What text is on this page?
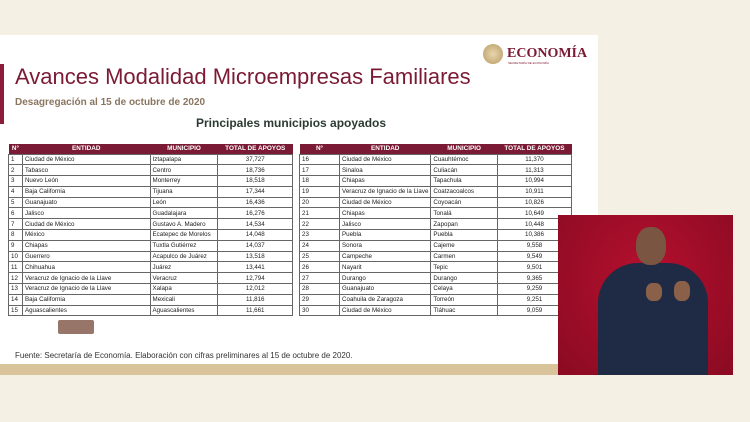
ECONOMÍA
SECRETARÍA DE ECONOMÍA
Avances Modalidad Microempresas Familiares
Desagregación al 15 de octubre de 2020
Principales municipios apoyados
N°	ENTIDAD	MUNICIPIO	TOTAL DE APOYOS
1	Ciudad de México	Iztapalapa	37,727
2	Tabasco	Centro	18,736
3	Nuevo León	Monterrey	18,518
4	Baja California	Tijuana	17,344
5	Guanajuato	León	16,436
6	Jalisco	Guadalajara	16,276
7	Ciudad de México	Gustavo A. Madero	14,534
8	México	Ecatepec de Morelos	14,048
9	Chiapas	Tuxtla Gutiérrez	14,037
10	Guerrero	Acapulco de Juárez	13,518
11	Chihuahua	Juárez	13,441
12	Veracruz de Ignacio de la Llave	Veracruz	12,794
13	Veracruz de Ignacio de la Llave	Xalapa	12,012
14	Baja California	Mexicali	11,816
15	Aguascalientes	Aguascalientes	11,661
N°	ENTIDAD	MUNICIPIO	TOTAL DE APOYOS
16	Ciudad de México	Cuauhtémoc	11,370
17	Sinaloa	Culiacán	11,313
18	Chiapas	Tapachula	10,994
19	Veracruz de Ignacio de la Llave	Coatzacoalcos	10,911
20	Ciudad de México	Coyoacán	10,826
21	Chiapas	Tonalá	10,649
22	Jalisco	Zapopan	10,448
23	Puebla	Puebla	10,386
24	Sonora	Cajeme	9,558
25	Campeche	Carmen	9,549
26	Nayarit	Tepic	9,501
27	Durango	Durango	9,365
28	Guanajuato	Celaya	9,259
29	Coahuila de Zaragoza	Torreón	9,251
30	Ciudad de México	Tláhuac	9,059
Fuente: Secretaría de Economía. Elaboración con cifras preliminares al 15 de octubre de 2020.
